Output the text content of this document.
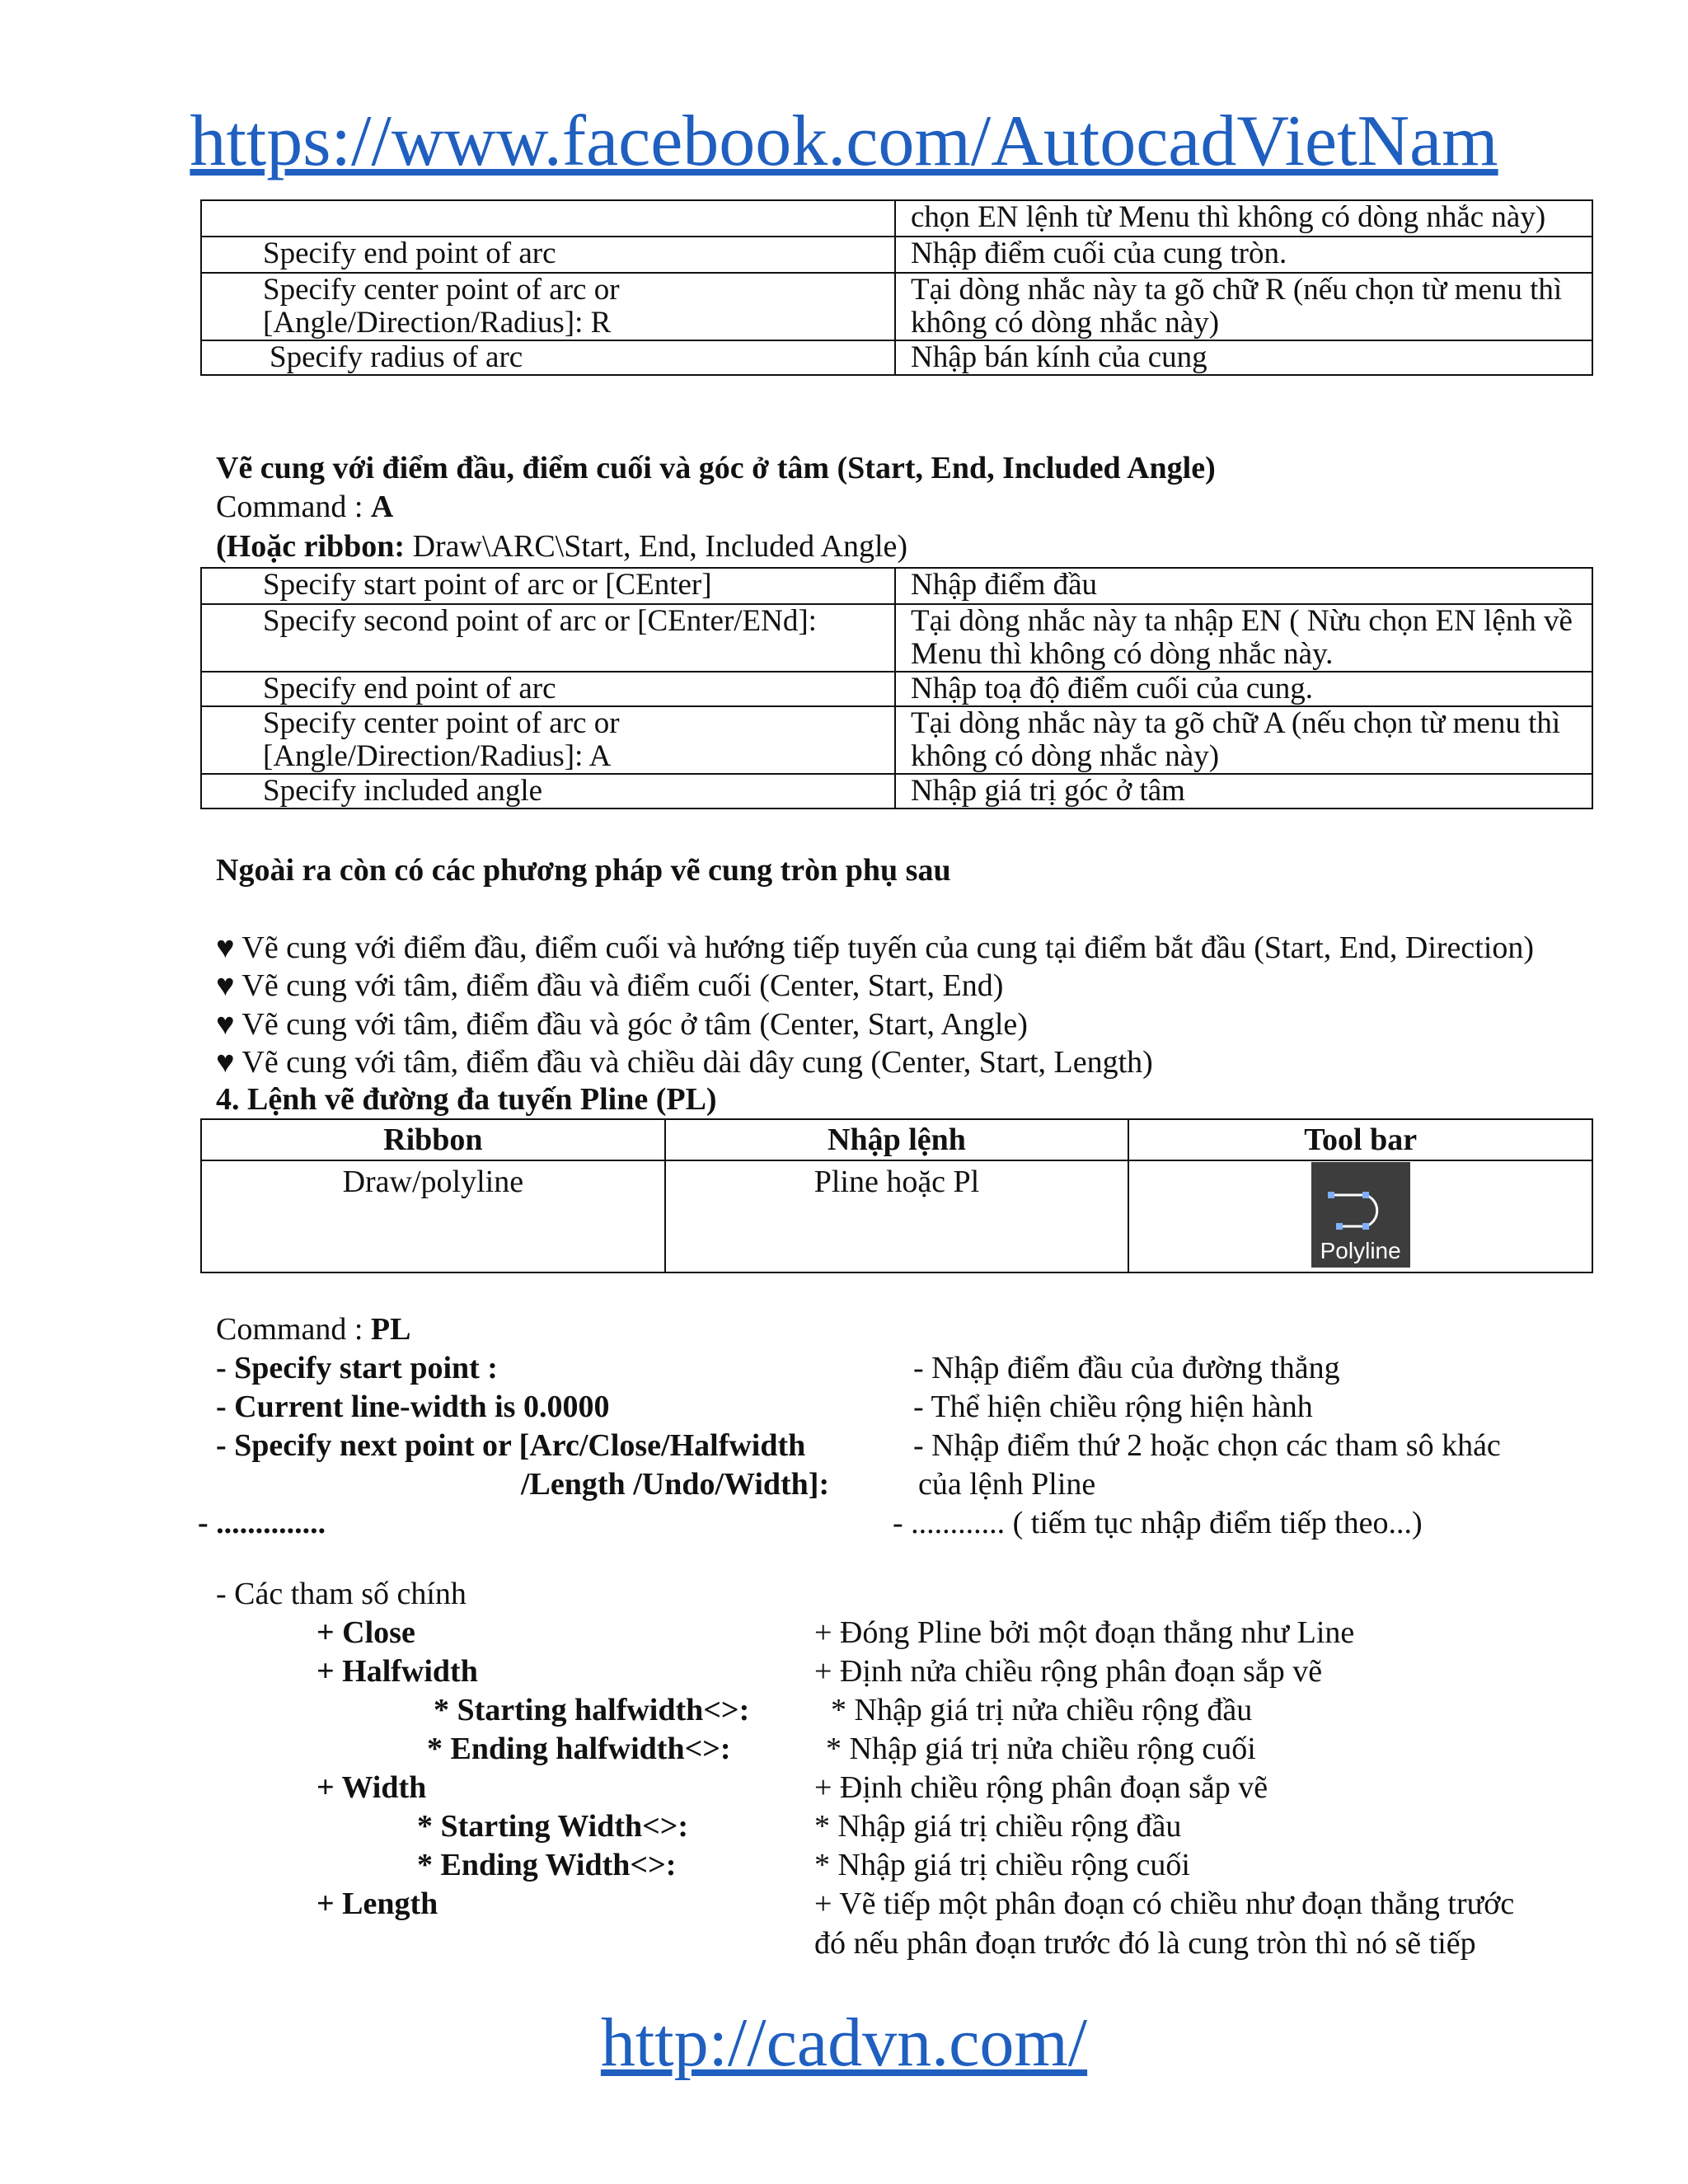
https://www.facebook.com/AutocadVietNam
	chọn EN lệnh từ Menu thì không có dòng nhắc này)
Specify end point of arc	Nhập điểm cuối của cung tròn.
Specify center point of arc or [Angle/Direction/Radius]: R	Tại dòng nhắc này ta gõ chữ R (nếu chọn từ menu thì không có dòng nhắc này)
Specify radius of arc	Nhập bán kính của cung
Vẽ cung với điểm đầu, điểm cuối và góc ở tâm (Start, End, Included Angle)
Command : A
(Hoặc ribbon: Draw\ARC\Start, End, Included Angle)
Specify start point of arc or [CEnter]	Nhập điểm đầu
Specify second point of arc or [CEnter/ENd]:	Tại dòng nhắc này ta nhập EN ( Nừu chọn EN lệnh về Menu thì không có dòng nhắc này.
Specify end point of arc	Nhập toạ độ điểm cuối của cung.
Specify center point of arc or [Angle/Direction/Radius]: A	Tại dòng nhắc này ta gõ chữ A (nếu chọn từ menu thì không có dòng nhắc này)
Specify included angle	Nhập giá trị góc ở tâm
Ngoài ra còn có các phương pháp vẽ cung tròn phụ sau
♥ Vẽ cung với điểm đầu, điểm cuối và hướng tiếp tuyến của cung tại điểm bắt đầu (Start, End, Direction)
♥ Vẽ cung với tâm, điểm đầu và điểm cuối (Center, Start, End)
♥ Vẽ cung với tâm, điểm đầu và góc ở tâm (Center, Start, Angle)
♥ Vẽ cung với tâm, điểm đầu và chiều dài dây cung (Center, Start, Length)
4. Lệnh vẽ đường đa tuyến Pline (PL)
Ribbon	Nhập lệnh	Tool bar
Draw/polyline	Pline hoặc Pl	Polyline
Command : PL
- Specify start point :	- Nhập điểm đầu của đường thẳng
- Current line-width is 0.0000	- Thể hiện chiều rộng hiện hành
- Specify next point or [Arc/Close/Halfwidth	- Nhập điểm thứ 2 hoặc chọn các tham sô khác
/Length /Undo/Width]:	của lệnh Pline
- ..............	- ............ ( tiếm tục nhập điểm tiếp theo...)
- Các tham số chính
+ Close	+ Đóng Pline bởi một đoạn thẳng như Line
+ Halfwidth	+ Định nửa chiều rộng phân đoạn sắp vẽ
* Starting halfwidth<>:	* Nhập giá trị nửa chiều rộng đầu
* Ending halfwidth<>:	* Nhập giá trị nửa chiều rộng cuối
+ Width	+ Định chiều rộng phân đoạn sắp vẽ
* Starting Width<>:	* Nhập giá trị chiều rộng đầu
* Ending Width<>:	* Nhập giá trị chiều rộng cuối
+ Length	+ Vẽ tiếp một phân đoạn có chiều như đoạn thẳng trước
đó nếu phân đoạn trước đó là cung tròn thì nó sẽ tiếp
http://cadvn.com/
